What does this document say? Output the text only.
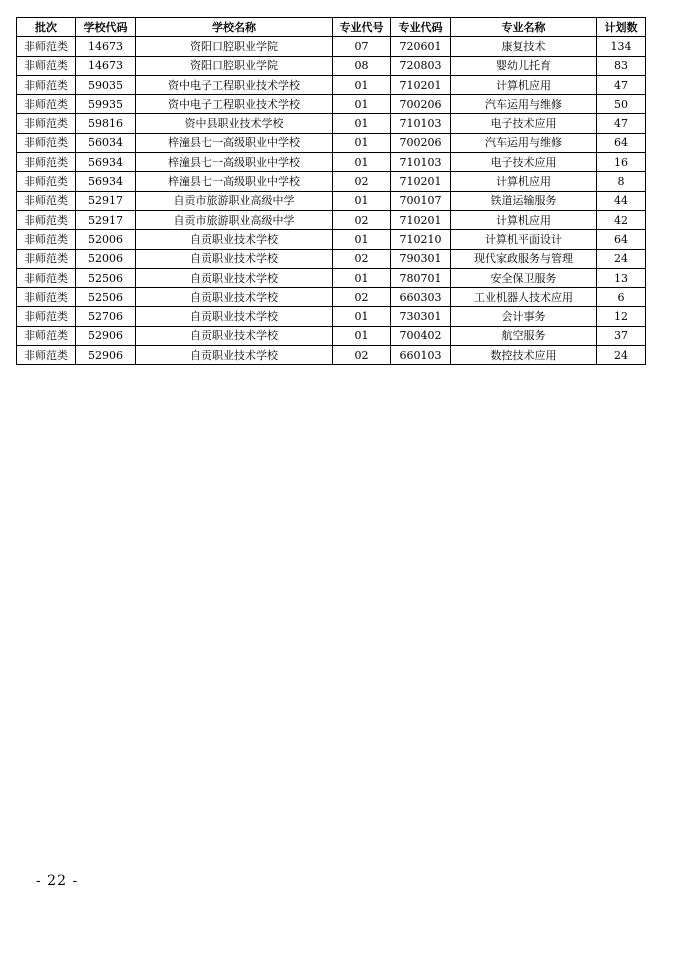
批次	学校代码	学校名称	专业代号	专业代码	专业名称	计划数
非师范类	14673	资阳口腔职业学院	07	720601	康复技术	134
非师范类	14673	资阳口腔职业学院	08	720803	婴幼儿托育	83
非师范类	59035	资中电子工程职业技术学校	01	710201	计算机应用	47
非师范类	59935	资中电子工程职业技术学校	01	700206	汽车运用与维修	50
非师范类	59816	资中县职业技术学校	01	710103	电子技术应用	47
非师范类	56034	梓潼县七一高级职业中学校	01	700206	汽车运用与维修	64
非师范类	56934	梓潼县七一高级职业中学校	01	710103	电子技术应用	16
非师范类	56934	梓潼县七一高级职业中学校	02	710201	计算机应用	8
非师范类	52917	自贡市旅游职业高级中学	01	700107	铁道运输服务	44
非师范类	52917	自贡市旅游职业高级中学	02	710201	计算机应用	42
非师范类	52006	自贡职业技术学校	01	710210	计算机平面设计	64
非师范类	52006	自贡职业技术学校	02	790301	现代家政服务与管理	24
非师范类	52506	自贡职业技术学校	01	780701	安全保卫服务	13
非师范类	52506	自贡职业技术学校	02	660303	工业机器人技术应用	6
非师范类	52706	自贡职业技术学校	01	730301	会计事务	12
非师范类	52906	自贡职业技术学校	01	700402	航空服务	37
非师范类	52906	自贡职业技术学校	02	660103	数控技术应用	24
- 22 -
